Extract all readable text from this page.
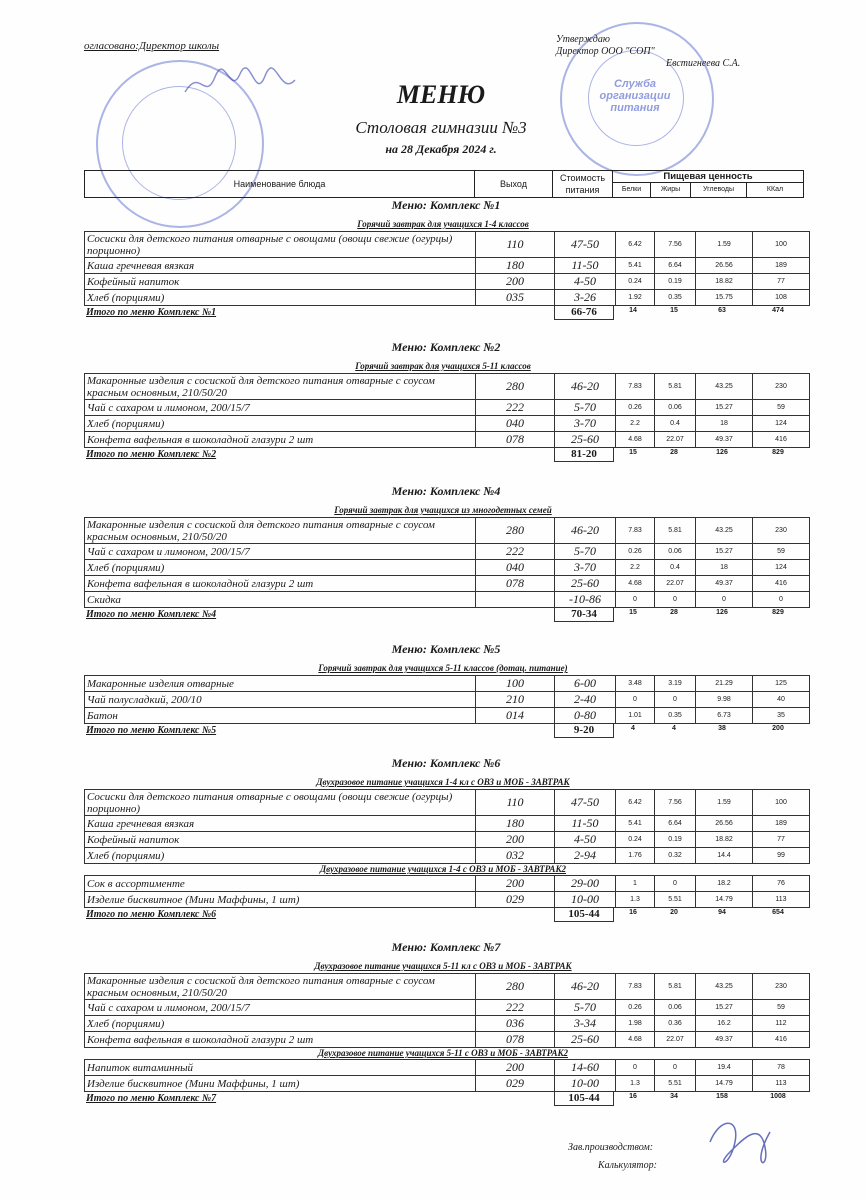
Служба
организации
питания
огласовано:Директор школы
Утверждаю
Директор ООО "СОП"

Евстигнеева С.А.
МЕНЮ
Столовая гимназии №3
на 28 Декабря 2024 г.
Наименование блюда	Выход
Стоимость питания
Пищевая ценность
Белки	Жиры	Углеводы	ККал
Меню: Комплекс №1
Горячий завтрак для учащихся 1-4 классов
Сосиски для детского питания отварные с овощами (овощи свежие (огурцы) порционно)	110	47-50	6.42	7.56	1.59	100
Каша гречневая вязкая	180	11-50	5.41	6.64	26.56	189
Кофейный напиток	200	4-50	0.24	0.19	18.82	77
Хлеб (порциями)	035	3-26	1.92	0.35	15.75	108
Итого по меню Комплекс №1	66-76	14	15	63	474
Меню: Комплекс №2
Горячий завтрак для учащихся 5-11 классов
Макаронные изделия с сосиской для детского питания отварные с соусом красным основным, 210/50/20	280	46-20	7.83	5.81	43.25	230
Чай с сахаром и лимоном, 200/15/7	222	5-70	0.26	0.06	15.27	59
Хлеб (порциями)	040	3-70	2.2	0.4	18	124
Конфета вафельная в шоколадной глазури 2 шт	078	25-60	4.68	22.07	49.37	416
Итого по меню Комплекс №2	81-20	15	28	126	829
Меню: Комплекс №4
Горячий завтрак для учащихся из многодетных семей
Макаронные изделия с сосиской для детского питания отварные с соусом красным основным, 210/50/20	280	46-20	7.83	5.81	43.25	230
Чай с сахаром и лимоном, 200/15/7	222	5-70	0.26	0.06	15.27	59
Хлеб (порциями)	040	3-70	2.2	0.4	18	124
Конфета вафельная в шоколадной глазури 2 шт	078	25-60	4.68	22.07	49.37	416
Скидка		-10-86	0	0	0	0
Итого по меню Комплекс №4	70-34	15	28	126	829
Меню: Комплекс №5
Горячий завтрак для учащихся 5-11 классов (дотац. питание)
Макаронные изделия отварные	100	6-00	3.48	3.19	21.29	125
Чай полусладкий, 200/10	210	2-40	0	0	9.98	40
Батон	014	0-80	1.01	0.35	6.73	35
Итого по меню Комплекс №5	9-20	4	4	38	200
Меню: Комплекс №6
Двухразовое питание учащихся 1-4 кл с ОВЗ и МОБ - ЗАВТРАК
Сосиски для детского питания отварные с овощами (овощи свежие (огурцы) порционно)	110	47-50	6.42	7.56	1.59	100
Каша гречневая вязкая	180	11-50	5.41	6.64	26.56	189
Кофейный напиток	200	4-50	0.24	0.19	18.82	77
Хлеб (порциями)	032	2-94	1.76	0.32	14.4	99
Двухразовое питание учащихся 1-4 с ОВЗ и МОБ - ЗАВТРАК2
Сок в ассортименте	200	29-00	1	0	18.2	76
Изделие бисквитное (Мини Маффины, 1 шт)	029	10-00	1.3	5.51	14.79	113
Итого по меню Комплекс №6	105-44	16	20	94	654
Меню: Комплекс №7
Двухразовое питание учащихся 5-11 кл с ОВЗ и МОБ - ЗАВТРАК
Макаронные изделия с сосиской для детского питания отварные с соусом красным основным, 210/50/20	280	46-20	7.83	5.81	43.25	230
Чай с сахаром и лимоном, 200/15/7	222	5-70	0.26	0.06	15.27	59
Хлеб (порциями)	036	3-34	1.98	0.36	16.2	112
Конфета вафельная в шоколадной глазури 2 шт	078	25-60	4.68	22.07	49.37	416
Двухразовое питание учащихся 5-11 с ОВЗ и МОБ - ЗАВТРАК2
Напиток витаминный	200	14-60	0	0	19.4	78
Изделие бисквитное (Мини Маффины, 1 шт)	029	10-00	1.3	5.51	14.79	113
Итого по меню Комплекс №7	105-44	16	34	158	1008
Зав.производством:
Калькулятор:
